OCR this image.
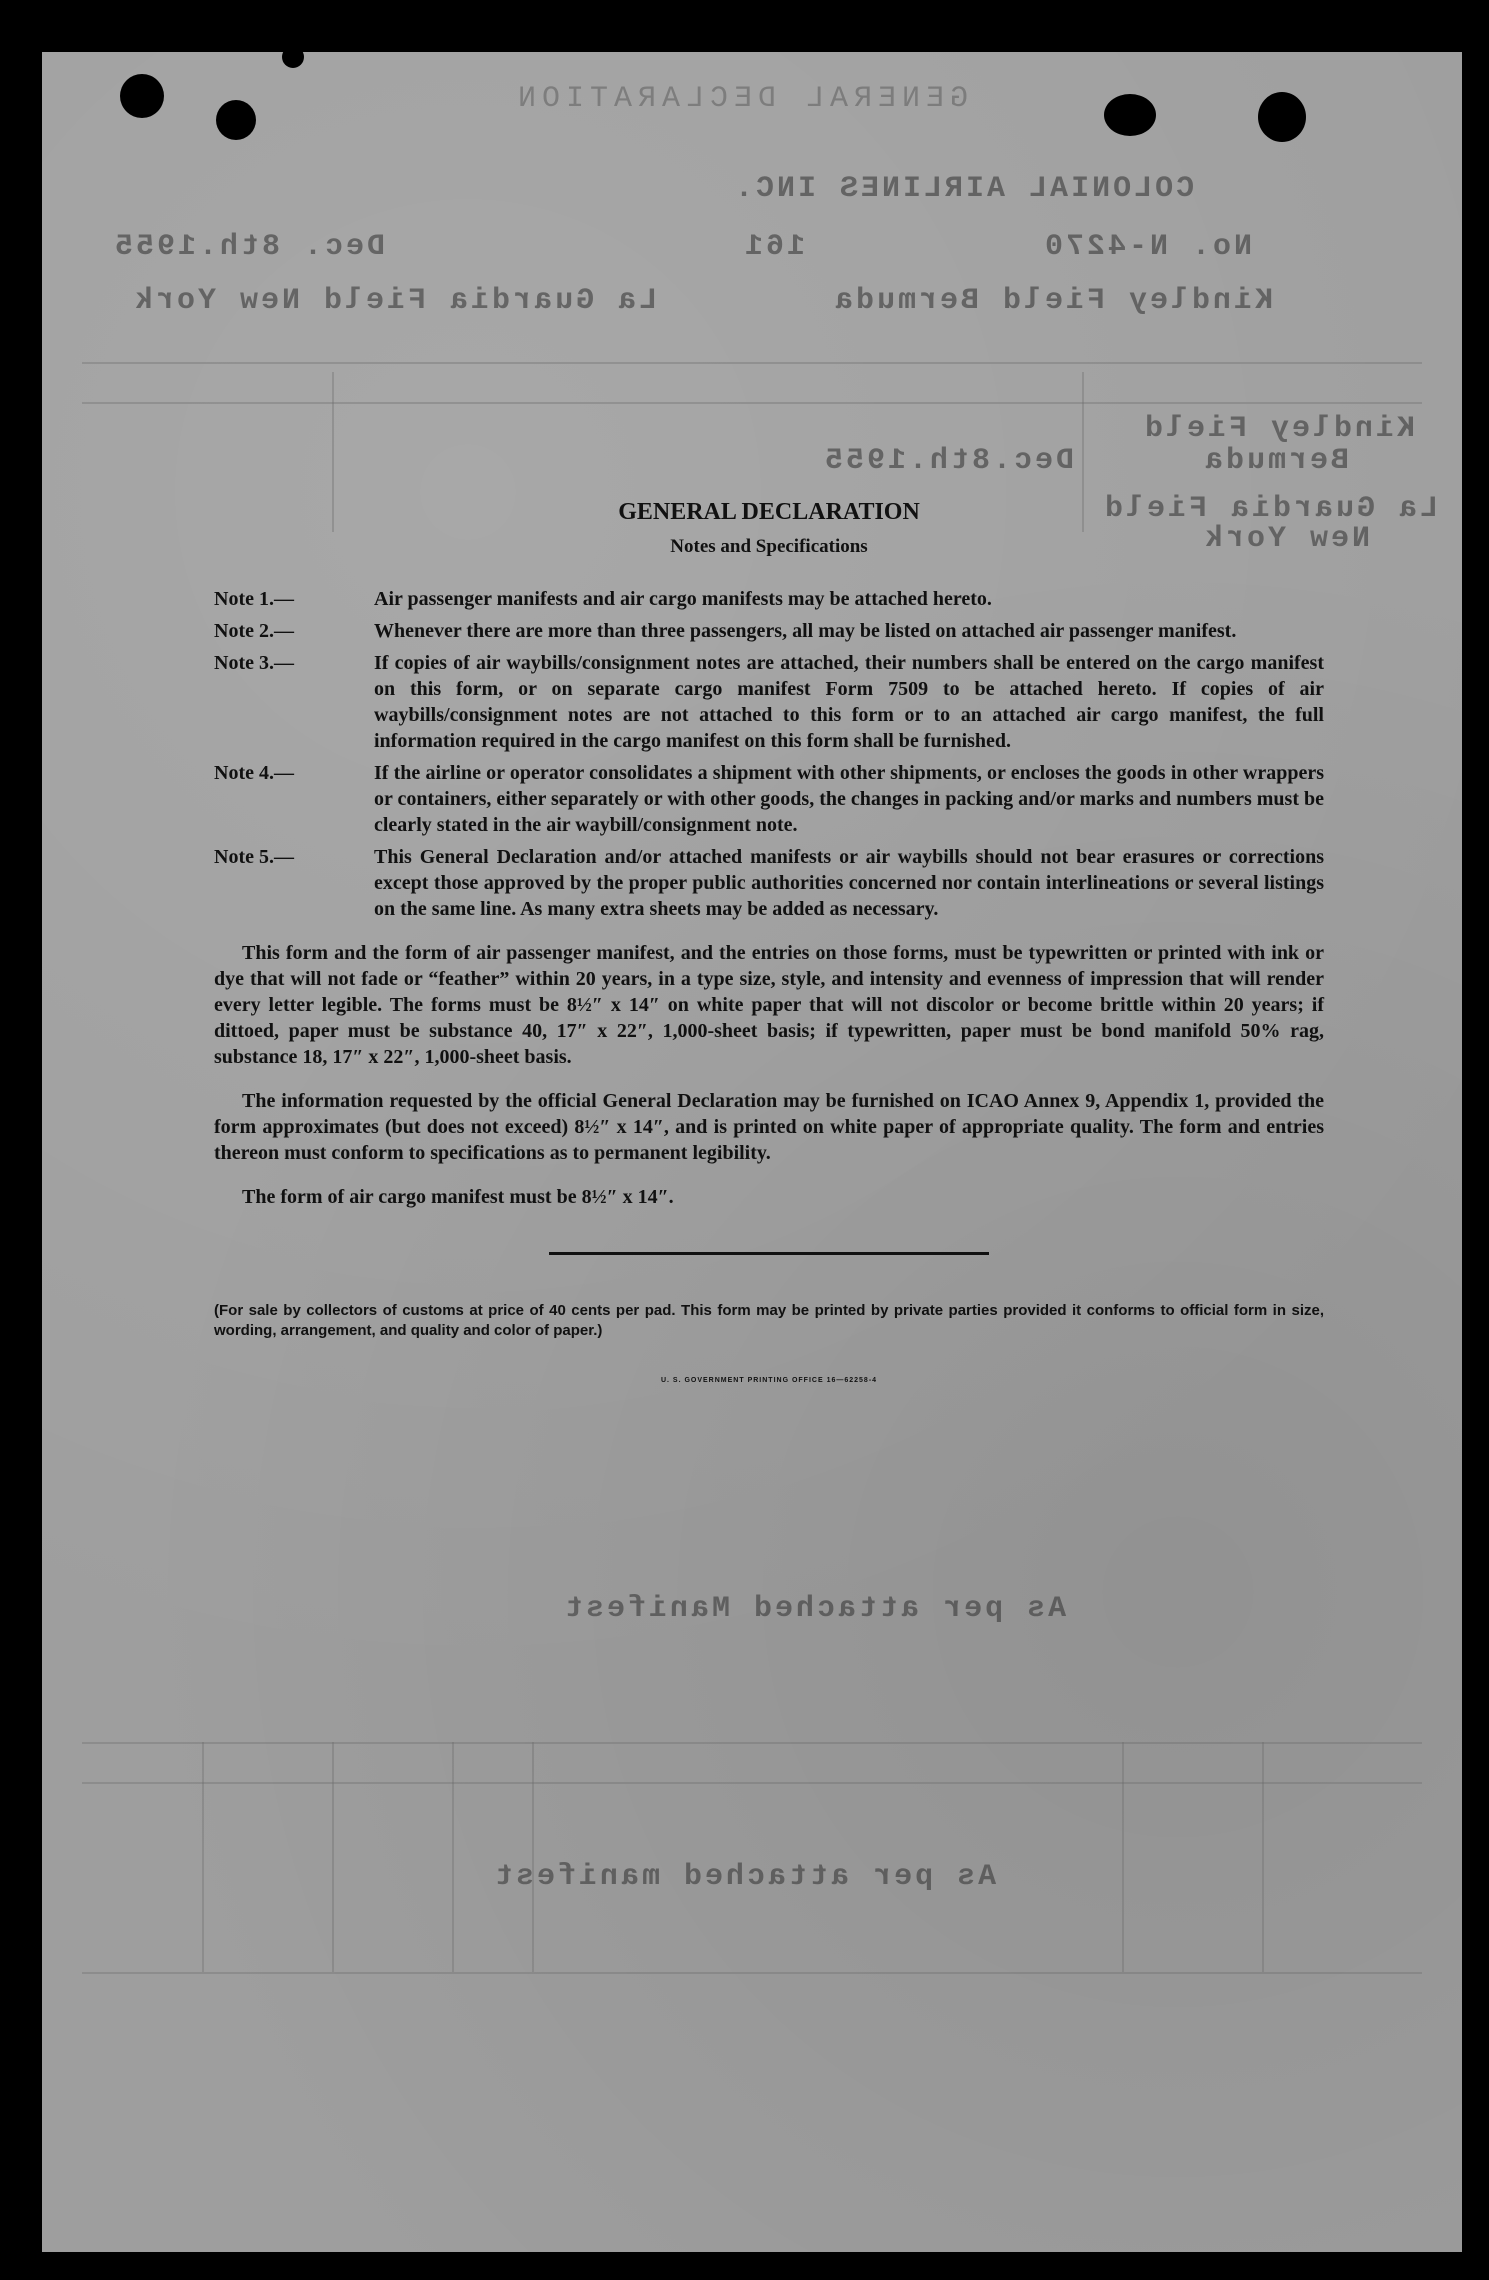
GENERAL DECLARATION
COLONIAL AIRLINES INC.
No. N-4270
161
Dec. 8th.1955
Kindley Field Bermuda
La Guardia Field New York
Kindley Field
Bermuda
Dec.8th.1955
La Guardia Field
New York
As per attached Manifest
As per attached manifest
GENERAL DECLARATION
Notes and Specifications
Note 1.—	Air passenger manifests and air cargo manifests may be attached hereto.
Note 2.—	Whenever there are more than three passengers, all may be listed on attached air passenger manifest.
Note 3.—	If copies of air waybills/consignment notes are attached, their numbers shall be entered on the cargo manifest on this form, or on separate cargo manifest Form 7509 to be attached hereto. If copies of air waybills/consignment notes are not attached to this form or to an attached air cargo manifest, the full information required in the cargo manifest on this form shall be furnished.
Note 4.—	If the airline or operator consolidates a shipment with other shipments, or encloses the goods in other wrappers or containers, either separately or with other goods, the changes in packing and/or marks and numbers must be clearly stated in the air waybill/consignment note.
Note 5.—	This General Declaration and/or attached manifests or air waybills should not bear erasures or corrections except those approved by the proper public authorities concerned nor contain interlineations or several listings on the same line. As many extra sheets may be added as necessary.

This form and the form of air passenger manifest, and the entries on those forms, must be typewritten or printed with ink or dye that will not fade or “feather” within 20 years, in a type size, style, and intensity and evenness of impression that will render every letter legible. The forms must be 8½″ x 14″ on white paper that will not discolor or become brittle within 20 years; if dittoed, paper must be substance 40, 17″ x 22″, 1,000-sheet basis; if typewritten, paper must be bond manifold 50% rag, substance 18, 17″ x 22″, 1,000-sheet basis.

The information requested by the official General Declaration may be furnished on ICAO Annex 9, Appendix 1, provided the form approximates (but does not exceed) 8½″ x 14″, and is printed on white paper of appropriate quality. The form and entries thereon must conform to specifications as to permanent legibility.

The form of air cargo manifest must be 8½″ x 14″.

(For sale by collectors of customs at price of 40 cents per pad. This form may be printed by private parties provided it conforms to official form in size, wording, arrangement, and quality and color of paper.)

U. S. GOVERNMENT PRINTING OFFICE 16—62258-4
